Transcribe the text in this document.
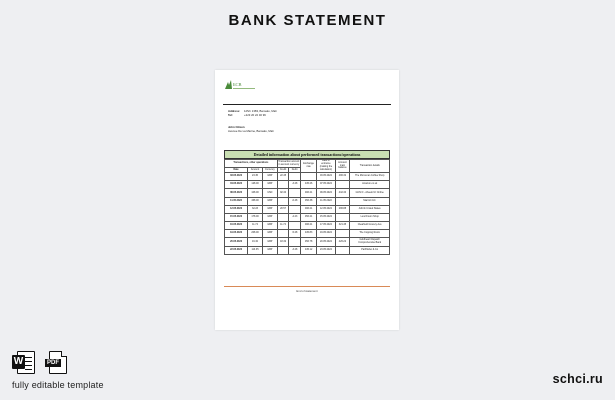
BANK STATEMENT
БСВ
Address: 125/n 1383, Bamako, Mali
Tel:	+223 20 22 46 96
John Citizen
Avenue De La Marine, Bamako, Mali
Detailed information about performed transactions/operations
Transactions, other operations			Transaction amount in account currency		Exchange rate	Date of entrance (making the calculation)	Account main balance	Transaction details
Date	Amount	Currency	Credit	Debit				
03.05.2022	23.45	GBP	22.45			03.05.2022	496.32	The Moroccan Coffee Shop
04.05.2022	128.00	GBP		-3.28	445.26	07.05.2022		Amazon.co.uk
08.05.2022	108.00	USD	92.34		496.21	09.05.2022	442.34	GCN D - Abuelo M. Online
11.05.2022	468.00	GBP		-6.48	456.38	11.05.2022		Marriott Intl.
12.05.2022	32.23	GBP	20.57		496.21	12.05.2022	296.88	Airbnb United States
15.05.2022	178.00	GBP		-4.23	456.21	15.05.2022		Lunchroom Shop
16.05.2022	11.74	GBP	11.74		496.21	17.05.2022	321.45	Clearfield Grocery Ave
19.05.2022	208.00	GBP		-5.28	445.83	19.05.2022		The Copping Room
20.05.2022	16.32	GBP	18.32		456.78	20.05.2022	426.22	Goldheart Dispatch Comprehensive Bank
22.05.2022	113.35	GBP		-3.28	445.12	23.05.2022		Pathfinder & Co
End of statement
W	PDF
fully editable template	schci.ru
